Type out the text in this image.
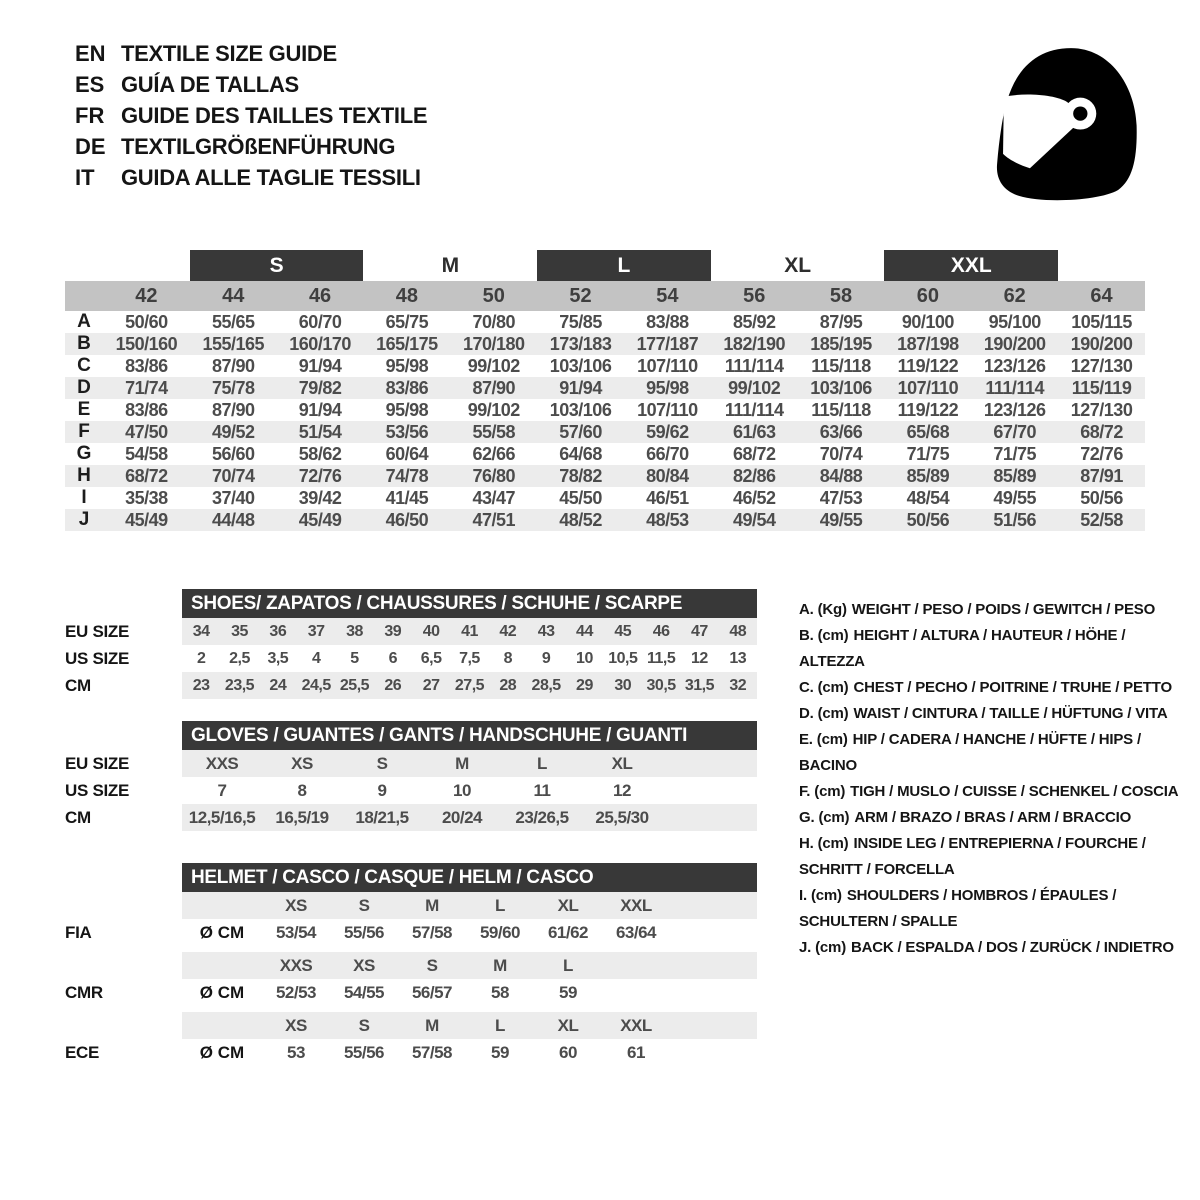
EN TEXTILE SIZE GUIDE
ES GUÍA DE TALLAS
FR GUIDE DES TAILLES TEXTILE
DE TEXTILGRÖßENFÜHRUNG
IT	GUIDA ALLE TAGLIE TESSILI
		S		M		L		XL		XXL		
	42	44	46	48	50	52	54	56	58	60	62	64
A	50/60	55/65	60/70	65/75	70/80	75/85	83/88	85/92	87/95	90/100	95/100	105/115
B	150/160	155/165	160/170	165/175	170/180	173/183	177/187	182/190	185/195	187/198	190/200	190/200
C	83/86	87/90	91/94	95/98	99/102	103/106	107/110	111/114	115/118	119/122	123/126	127/130
D	71/74	75/78	79/82	83/86	87/90	91/94	95/98	99/102	103/106	107/110	111/114	115/119
E	83/86	87/90	91/94	95/98	99/102	103/106	107/110	111/114	115/118	119/122	123/126	127/130
F	47/50	49/52	51/54	53/56	55/58	57/60	59/62	61/63	63/66	65/68	67/70	68/72
G	54/58	56/60	58/62	60/64	62/66	64/68	66/70	68/72	70/74	71/75	71/75	72/76
H	68/72	70/74	72/76	74/78	76/80	78/82	80/84	82/86	84/88	85/89	85/89	87/91
I	35/38	37/40	39/42	41/45	43/47	45/50	46/51	46/52	47/53	48/54	49/55	50/56
J	45/49	44/48	45/49	46/50	47/51	48/52	48/53	49/54	49/55	50/56	51/56	52/58
	SHOES/ ZAPATOS / CHAUSSURES / SCHUHE / SCARPE														
EU SIZE	34	35	36	37	38	39	40	41	42	43	44	45	46	47	48
US SIZE	2	2,5	3,5	4	5	6	6,5	7,5	8	9	10	10,5	11,5	12	13
CM	23	23,5	24	24,5	25,5	26	27	27,5	28	28,5	29	30	30,5	31,5	32
	GLOVES / GUANTES / GANTS / HANDSCHUHE / GUANTI						
EU SIZE	XXS	XS	S	M	L	XL	
US SIZE	7	8	9	10	11	12	
CM	12,5/16,5	16,5/19	18/21,5	20/24	23/26,5	25,5/30	
	HELMET / CASCO / CASQUE / HELM / CASCO							
		XS	S	M	L	XL	XXL	
FIA	Ø CM	53/54	55/56	57/58	59/60	61/62	63/64	

		XXS	XS	S	M	L		
CMR	Ø CM	52/53	54/55	56/57	58	59		

		XS	S	M	L	XL	XXL	
ECE	Ø CM	53	55/56	57/58	59	60	61	
A. (Kg) WEIGHT / PESO / POIDS / GEWITCH / PESO
B. (cm) HEIGHT / ALTURA / HAUTEUR / HÖHE / ALTEZZA
C. (cm) CHEST / PECHO / POITRINE / TRUHE / PETTO
D. (cm) WAIST / CINTURA / TAILLE / HÜFTUNG / VITA
E. (cm) HIP / CADERA / HANCHE / HÜFTE / HIPS / BACINO
F. (cm) TIGH / MUSLO / CUISSE / SCHENKEL / COSCIA
G. (cm) ARM / BRAZO / BRAS / ARM / BRACCIO
H. (cm) INSIDE LEG / ENTREPIERNA / FOURCHE / SCHRITT / FORCELLA
I. (cm) SHOULDERS / HOMBROS / ÉPAULES / SCHULTERN / SPALLE
J. (cm) BACK / ESPALDA / DOS / ZURÜCK / INDIETRO
